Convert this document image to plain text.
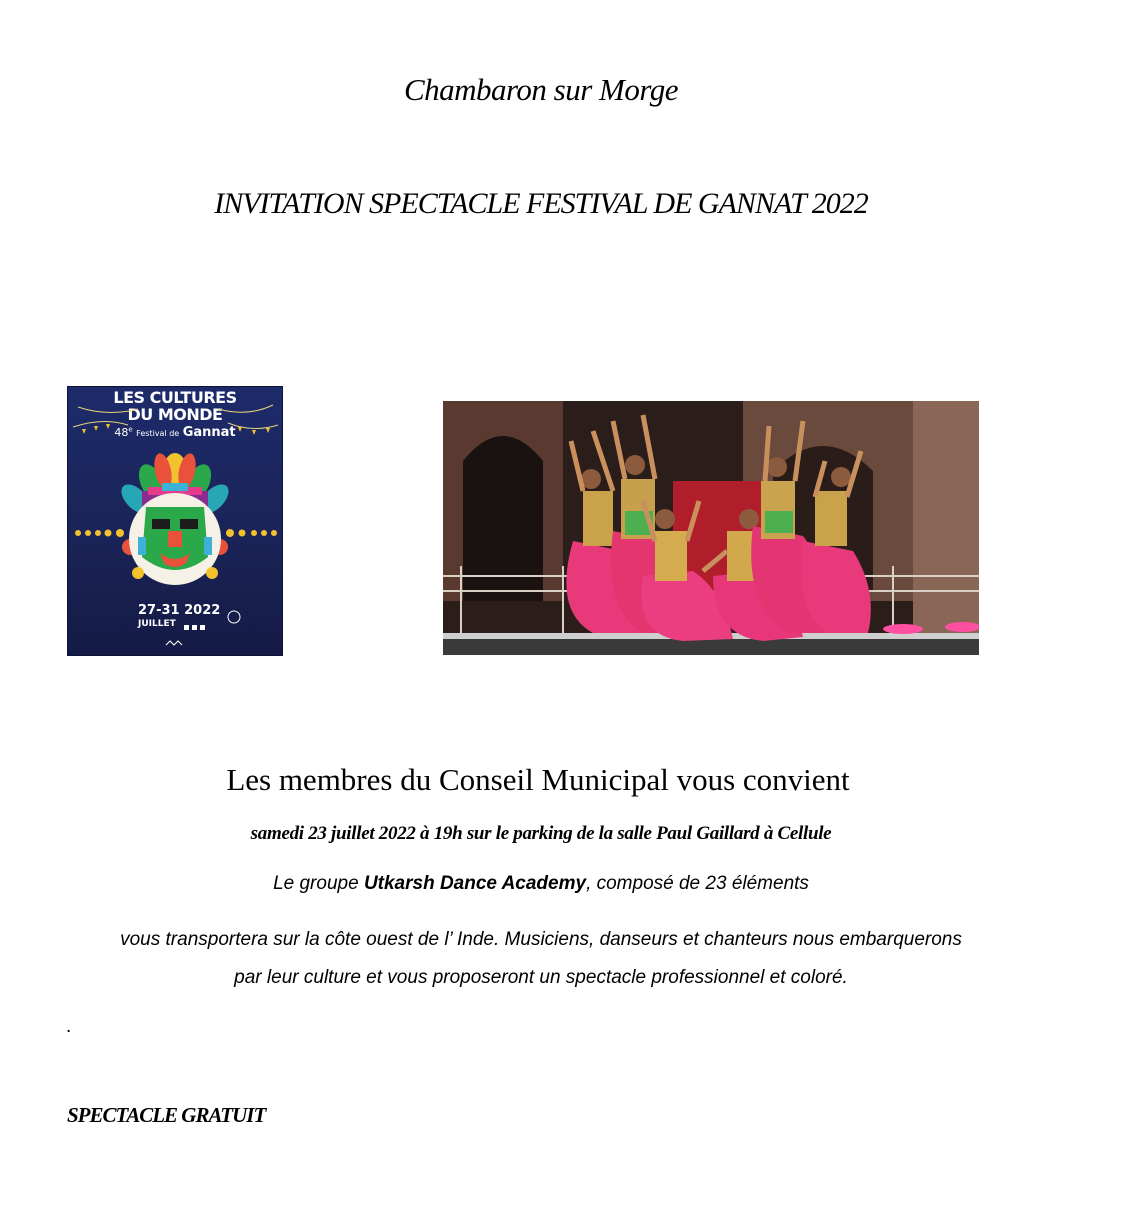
Chambaron sur Morge
INVITATION SPECTACLE FESTIVAL DE GANNAT 2022
LES CULTURES
DU MONDE
48e Festival de Gannat
27-31 2022
JUILLET
Les membres du Conseil Municipal vous convient
samedi 23 juillet 2022 à 19h sur le parking de la salle Paul Gaillard à Cellule
Le groupe Utkarsh Dance Academy, composé de 23 éléments
vous transportera sur la côte ouest de l’ Inde. Musiciens, danseurs et chanteurs nous embarquerons
par leur culture et vous proposeront un spectacle professionnel et coloré.
.
SPECTACLE GRATUIT
